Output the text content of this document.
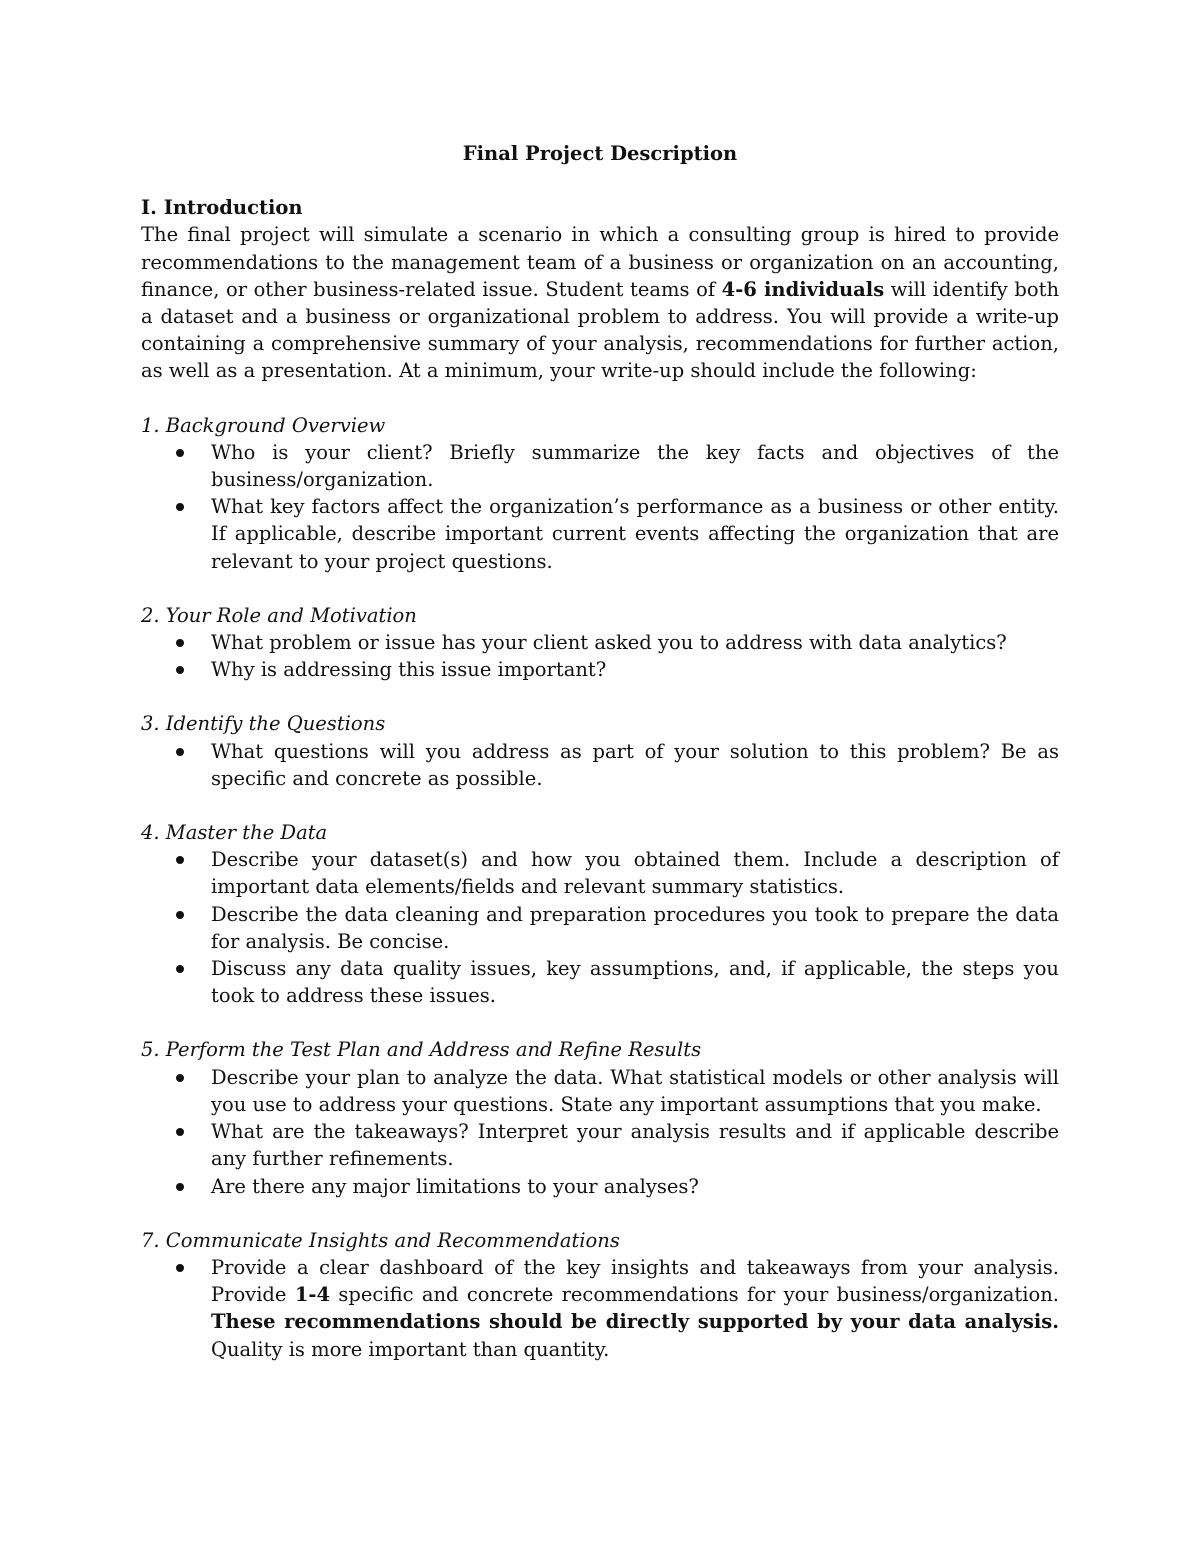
Final Project Description

I. Introduction

The final project will simulate a scenario in which a consulting group is hired to provide recommendations to the management team of a business or organization on an accounting, finance, or other business-related issue. Student teams of 4-6 individuals will identify both a dataset and a business or organizational problem to address. You will provide a write-up containing a comprehensive summary of your analysis, recommendations for further action, as well as a presentation. At a minimum, your write-up should include the following:

1. Background Overview

Who is your client? Briefly summarize the key facts and objectives of the business/organization.
What key factors affect the organization’s performance as a business or other entity. If applicable, describe important current events affecting the organization that are relevant to your project questions.

2. Your Role and Motivation

What problem or issue has your client asked you to address with data analytics?
Why is addressing this issue important?

3. Identify the Questions

What questions will you address as part of your solution to this problem? Be as specific and concrete as possible.

4. Master the Data

Describe your dataset(s) and how you obtained them. Include a description of important data elements/fields and relevant summary statistics.
Describe the data cleaning and preparation procedures you took to prepare the data for analysis. Be concise.
Discuss any data quality issues, key assumptions, and, if applicable, the steps you took to address these issues.

5. Perform the Test Plan and Address and Refine Results

Describe your plan to analyze the data. What statistical models or other analysis will you use to address your questions. State any important assumptions that you make.
What are the takeaways? Interpret your analysis results and if applicable describe any further refinements.
Are there any major limitations to your analyses?

7. Communicate Insights and Recommendations

Provide a clear dashboard of the key insights and takeaways from your analysis. Provide 1-4 specific and concrete recommendations for your business/organization. These recommendations should be directly supported by your data analysis. Quality is more important than quantity.
